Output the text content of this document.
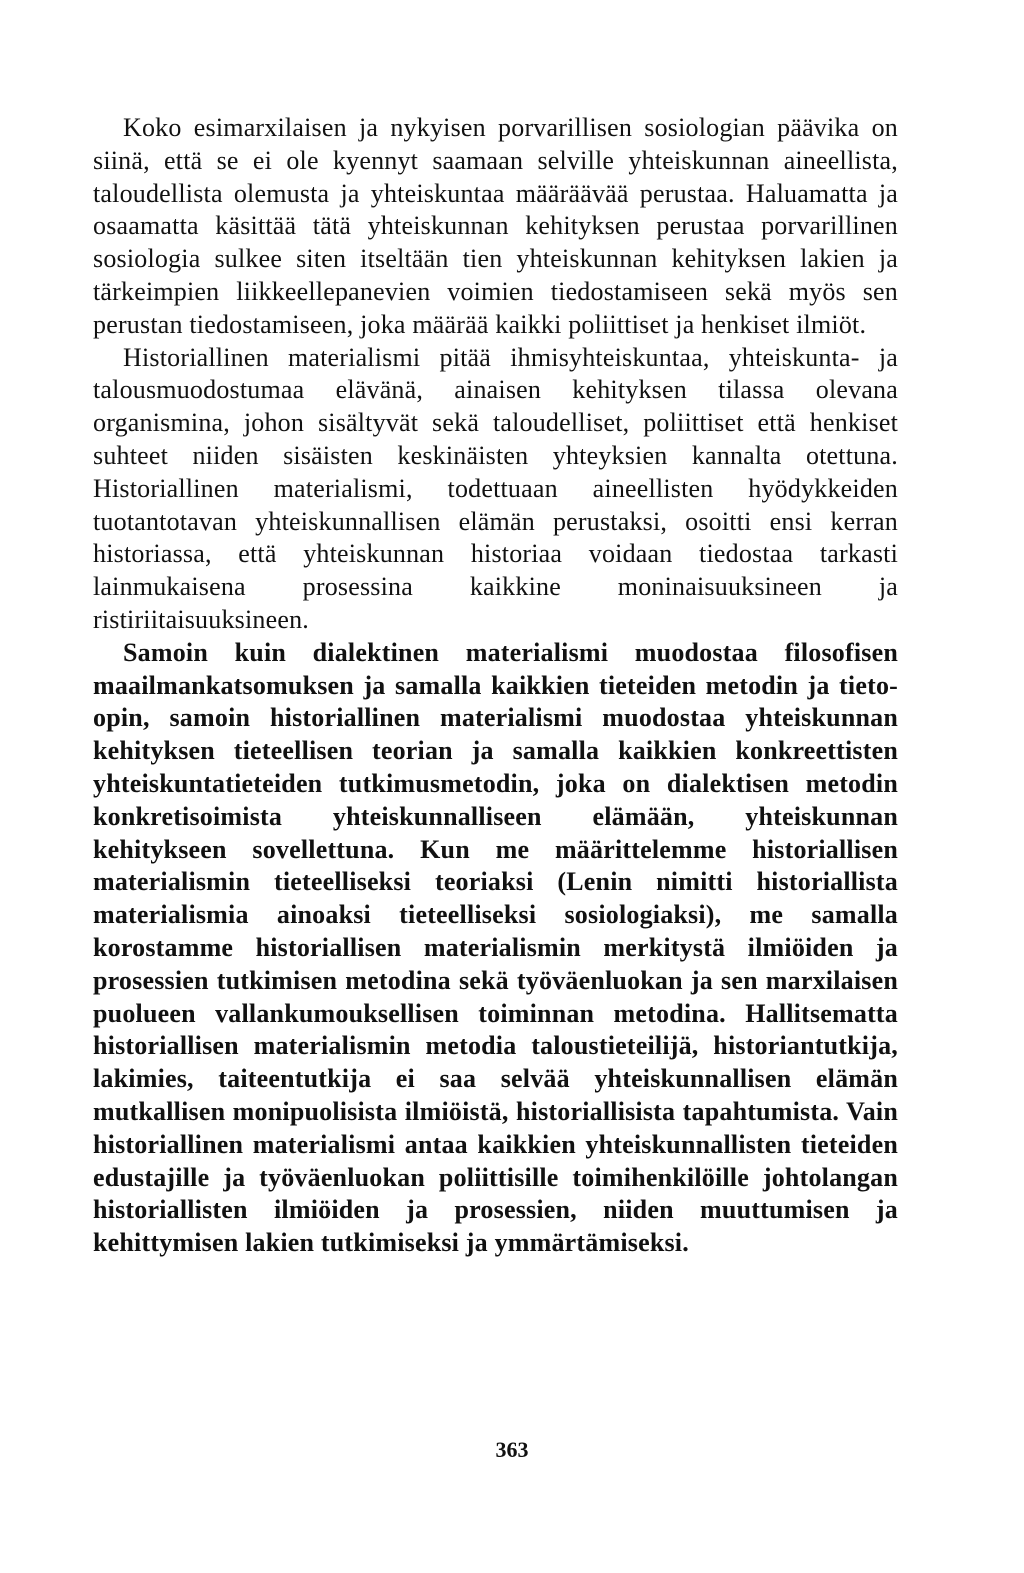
Koko esimarxilaisen ja nykyisen porvarillisen sosiologian päävika on siinä, että se ei ole kyennyt saamaan selville yhteiskunnan aineellista, taloudellista olemusta ja yhteiskuntaa määräävää perustaa. Haluamatta ja osaamatta käsittää tätä yhteiskunnan kehityksen perustaa porvarillinen sosiologia sulkee siten itseltään tien yhteiskunnan kehityksen lakien ja tärkeimpien liikkeellepanevien voimien tiedostamiseen sekä myös sen perustan tiedostamiseen, joka määrää kaikki poliittiset ja henkiset ilmiöt.

Historiallinen materialismi pitää ihmisyhteiskuntaa, yhteiskunta- ja talousmuodostumaa elävänä, ainaisen kehityksen tilassa olevana organismina, johon sisältyvät sekä taloudelliset, poliittiset että henkiset suhteet niiden sisäisten keskinäisten yhteyksien kannalta otettuna. Historiallinen materialismi, todettuaan aineellisten hyödykkeiden tuotantotavan yhteiskunnallisen elämän perustaksi, osoitti ensi kerran historiassa, että yhteiskunnan historiaa voidaan tiedostaa tarkasti lainmukaisena prosessina kaikkine moninaisuuksineen ja ristiriitaisuuksineen.

Samoin kuin dialektinen materialismi muodostaa filosofisen maailmankatsomuksen ja samalla kaikkien tieteiden metodin ja tieto-opin, samoin historiallinen materialismi muodostaa yhteiskunnan kehityksen tieteellisen teorian ja samalla kaikkien konkreettisten yhteiskuntatieteiden tutkimusmetodin, joka on dialektisen metodin konkretisoimista yhteiskunnalliseen elämään, yhteiskunnan kehitykseen sovellettuna. Kun me määrittelemme historiallisen materialismin tieteelliseksi teoriaksi (Lenin nimitti historiallista materialismia ainoaksi tieteelliseksi sosiologiaksi), me samalla korostamme historiallisen materialismin merkitystä ilmiöiden ja prosessien tutkimisen metodina sekä työväenluokan ja sen marxilaisen puolueen vallankumouksellisen toiminnan metodina. Hallitsematta historiallisen materialismin metodia taloustieteilijä, historiantutkija, lakimies, taiteentutkija ei saa selvää yhteiskunnallisen elämän mutkallisen monipuolisista ilmiöistä, historiallisista tapahtumista. Vain historiallinen materialismi antaa kaikkien yhteiskunnallisten tieteiden edustajille ja työväenluokan poliittisille toimihenkilöille johtolangan historiallisten ilmiöiden ja prosessien, niiden muuttumisen ja kehittymisen lakien tutkimiseksi ja ymmärtämiseksi.

363
